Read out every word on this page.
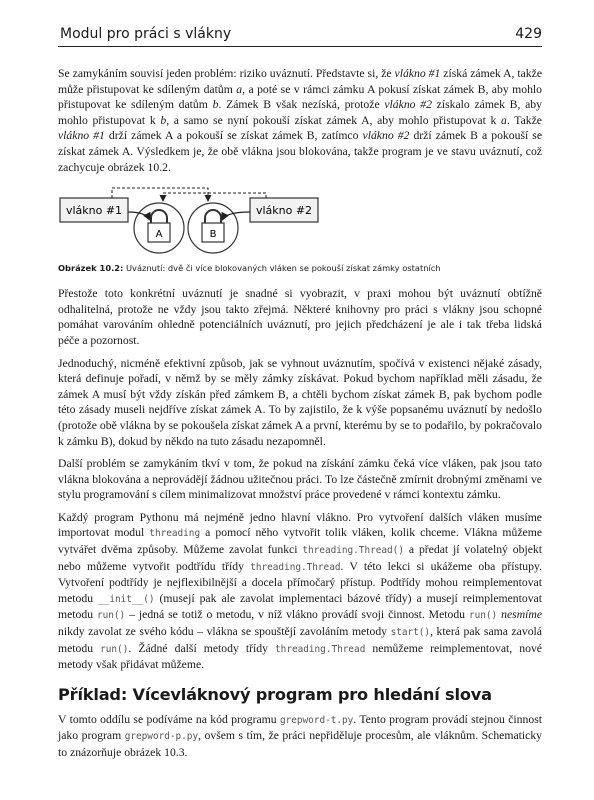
Modul pro práci s vlákny	429

Se zamykáním souvisí jeden problém: riziko uváznutí. Představte si, že vlákno #1 získá zámek A, takže může přistupovat ke sdíleným datům a, a poté se v rámci zámku A pokusí získat zámek B, aby mohlo přistupovat ke sdíleným datům b. Zámek B však nezíská, protože vlákno #2 získalo zámek B, aby mohlo přistupovat k b, a samo se nyní pokouší získat zámek A, aby mohlo přistupovat k a. Takže vlákno #1 drží zámek A a pokouší se získat zámek B, zatímco vlákno #2 drží zámek B a pokouší se získat zámek A. Výsledkem je, že obě vlákna jsou blokována, takže program je ve stavu uváznutí, což zachycuje obrázek 10.2.

vlákno #1	vlákno #2
A	B
Obrázek 10.2: Uváznutí: dvě či více blokovaných vláken se pokouší získat zámky ostatních

Přestože toto konkrétní uváznutí je snadné si vyobrazit, v praxi mohou být uváznutí obtížně odhalitelná, protože ne vždy jsou takto zřejmá. Některé knihovny pro práci s vlákny jsou schopné pomáhat varováním ohledně potenciálních uváznutí, pro jejich předcházení je ale i tak třeba lidská péče a pozornost.

Jednoduchý, nicméně efektivní způsob, jak se vyhnout uváznutím, spočívá v existenci nějaké zásady, která definuje pořadí, v němž by se měly zámky získávat. Pokud bychom například měli zásadu, že zámek A musí být vždy získán před zámkem B, a chtěli bychom získat zámek B, pak bychom podle této zásady museli nejdříve získat zámek A. To by zajistilo, že k výše popsanému uváznutí by nedošlo (protože obě vlákna by se pokoušela získat zámek A a první, kterému by se to podařilo, by pokračovalo k zámku B), dokud by někdo na tuto zásadu nezapomněl.

Další problém se zamykáním tkví v tom, že pokud na získání zámku čeká více vláken, pak jsou tato vlákna blokována a neprovádějí žádnou užitečnou práci. To lze částečně zmírnit drobnými změnami ve stylu programování s cílem minimalizovat množství práce provedené v rámci kontextu zámku.

Každý program Pythonu má nejméně jedno hlavní vlákno. Pro vytvoření dalších vláken musíme importovat modul threading a pomocí něho vytvořit tolik vláken, kolik chceme. Vlákna můžeme vytvářet dvěma způsoby. Můžeme zavolat funkci threading.Thread() a předat jí volatelný objekt nebo můžeme vytvořit podtřídu třídy threading.Thread. V této lekci si ukážeme oba přístupy. Vytvoření podtřídy je nejflexibilnější a docela přímočarý přístup. Podtřídy mohou reimplementovat metodu __init__() (musejí pak ale zavolat implementaci bázové třídy) a musejí reimplementovat metodu run() – jedná se totiž o metodu, v níž vlákno provádí svoji činnost. Metodu run() nesmíme nikdy zavolat ze svého kódu – vlákna se spouštějí zavoláním metody start(), která pak sama zavolá metodu run(). Žádné další metody třídy threading.Thread nemůžeme reimplementovat, nové metody však přidávat můžeme.

Příklad: Vícevláknový program pro hledání slova

V tomto oddílu se podíváme na kód programu grepword-t.py. Tento program provádí stejnou činnost jako program grepword-p.py, ovšem s tím, že práci nepřiděluje procesům, ale vláknům. Schematicky to znázorňuje obrázek 10.3.
